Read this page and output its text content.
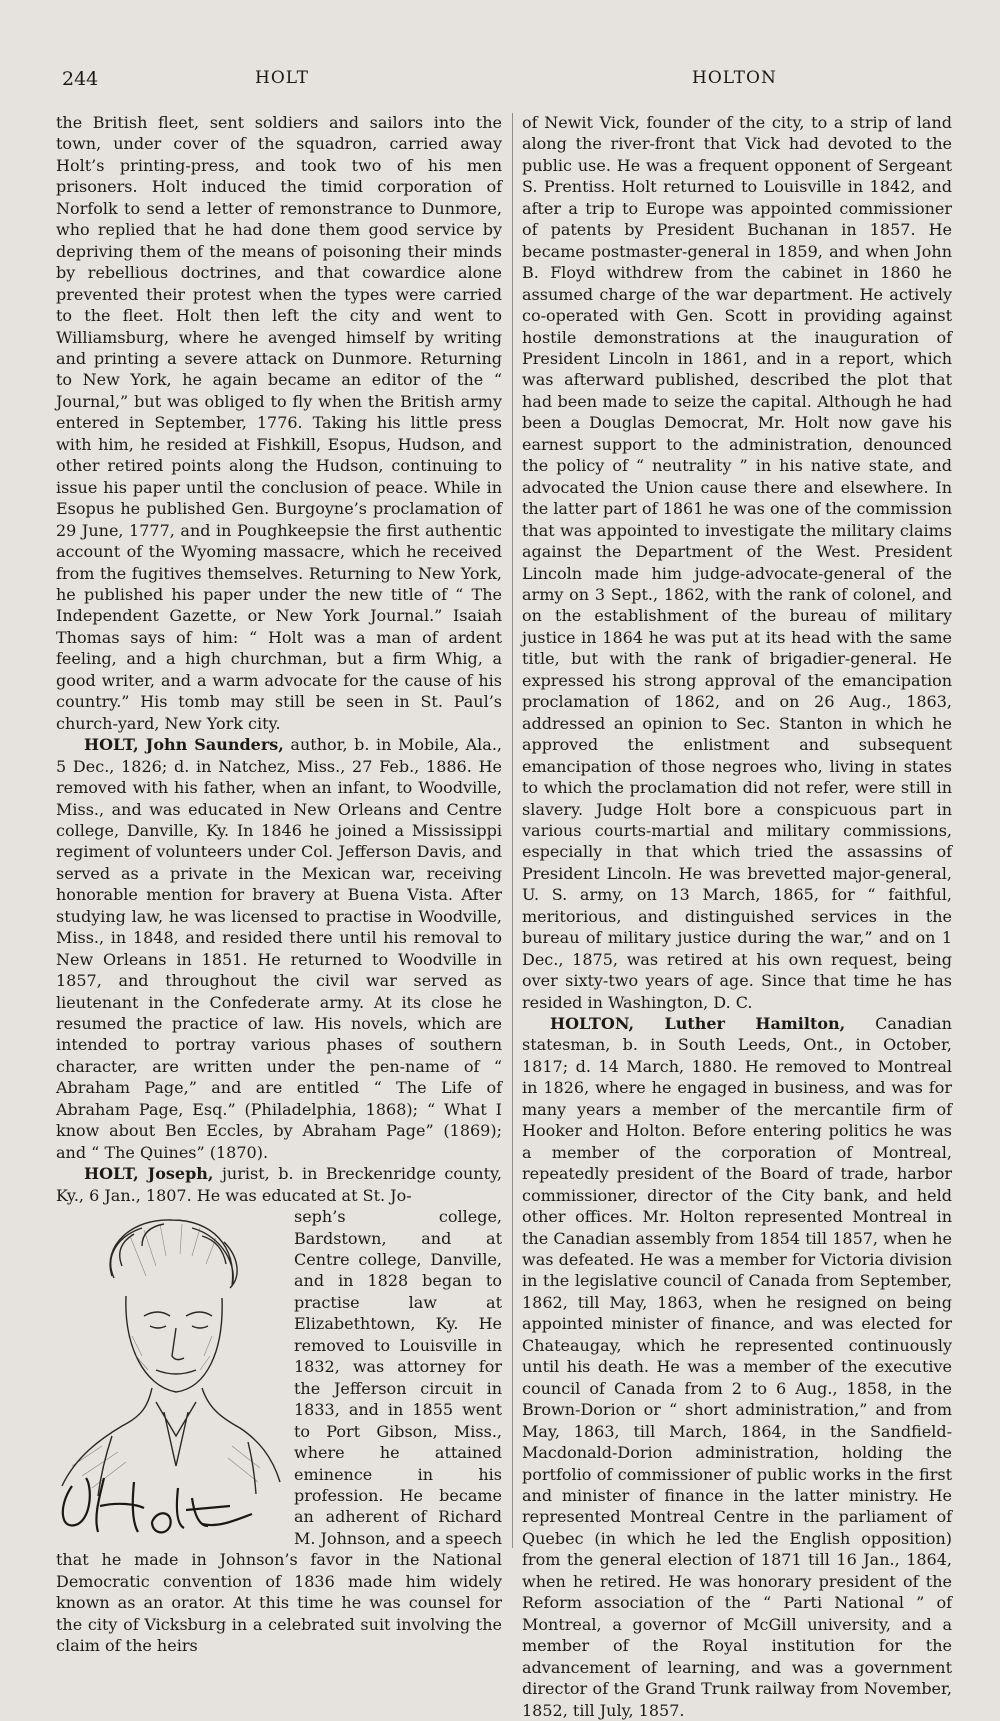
244	HOLT	HOLTON

the British fleet, sent soldiers and sailors into the town, under cover of the squadron, carried away Holt’s printing-press, and took two of his men prisoners. Holt induced the timid corporation of Norfolk to send a letter of remonstrance to Dunmore, who replied that he had done them good service by depriving them of the means of poisoning their minds by rebellious doctrines, and that cowardice alone prevented their protest when the types were carried to the fleet. Holt then left the city and went to Williamsburg, where he avenged himself by writing and printing a severe attack on Dunmore. Returning to New York, he again became an editor of the “ Journal,” but was obliged to fly when the British army entered in September, 1776. Taking his little press with him, he resided at Fishkill, Esopus, Hudson, and other retired points along the Hudson, continuing to issue his paper until the conclusion of peace. While in Esopus he published Gen. Burgoyne’s proclamation of 29 June, 1777, and in Poughkeepsie the first authentic account of the Wyoming massacre, which he received from the fugitives themselves. Returning to New York, he published his paper under the new title of “ The Independent Gazette, or New York Journal.” Isaiah Thomas says of him: “ Holt was a man of ardent feeling, and a high churchman, but a firm Whig, a good writer, and a warm advocate for the cause of his country.” His tomb may still be seen in St. Paul’s church-yard, New York city.

HOLT, John Saunders, author, b. in Mobile, Ala., 5 Dec., 1826; d. in Natchez, Miss., 27 Feb., 1886. He removed with his father, when an infant, to Woodville, Miss., and was educated in New Orleans and Centre college, Danville, Ky. In 1846 he joined a Mississippi regiment of volunteers under Col. Jefferson Davis, and served as a private in the Mexican war, receiving honorable mention for bravery at Buena Vista. After studying law, he was licensed to practise in Woodville, Miss., in 1848, and resided there until his removal to New Orleans in 1851. He returned to Woodville in 1857, and throughout the civil war served as lieutenant in the Confederate army. At its close he resumed the practice of law. His novels, which are intended to portray various phases of southern character, are written under the pen-name of “ Abraham Page,” and are entitled “ The Life of Abraham Page, Esq.” (Philadelphia, 1868); “ What I know about Ben Eccles, by Abraham Page” (1869); and “ The Quines” (1870).

HOLT, Joseph, jurist, b. in Breckenridge county, Ky., 6 Jan., 1807. He was educated at St. Jo-

seph’s college, Bardstown, and at Centre college, Danville, and in 1828 began to practise law at Elizabethtown, Ky. He removed to Louisville in 1832, was attorney for the Jefferson circuit in 1833, and in 1855 went to Port Gibson, Miss., where he attained eminence in his profession. He became an adherent of Richard M. Johnson, and a speech that he made in Johnson’s favor in the National Democratic convention of 1836 made him widely known as an orator. At this time he was counsel for the city of Vicksburg in a celebrated suit involving the claim of the heirs

of Newit Vick, founder of the city, to a strip of land along the river-front that Vick had devoted to the public use. He was a frequent opponent of Sergeant S. Prentiss. Holt returned to Louisville in 1842, and after a trip to Europe was appointed commissioner of patents by President Buchanan in 1857. He became postmaster-general in 1859, and when John B. Floyd withdrew from the cabinet in 1860 he assumed charge of the war department. He actively co-operated with Gen. Scott in providing against hostile demonstrations at the inauguration of President Lincoln in 1861, and in a report, which was afterward published, described the plot that had been made to seize the capital. Although he had been a Douglas Democrat, Mr. Holt now gave his earnest support to the administration, denounced the policy of “ neutrality ” in his native state, and advocated the Union cause there and elsewhere. In the latter part of 1861 he was one of the commission that was appointed to investigate the military claims against the Department of the West. President Lincoln made him judge-advocate-general of the army on 3 Sept., 1862, with the rank of colonel, and on the establishment of the bureau of military justice in 1864 he was put at its head with the same title, but with the rank of brigadier-general. He expressed his strong approval of the emancipation proclamation of 1862, and on 26 Aug., 1863, addressed an opinion to Sec. Stanton in which he approved the enlistment and subsequent emancipation of those negroes who, living in states to which the proclamation did not refer, were still in slavery. Judge Holt bore a conspicuous part in various courts-martial and military commissions, especially in that which tried the assassins of President Lincoln. He was brevetted major-general, U. S. army, on 13 March, 1865, for “ faithful, meritorious, and distinguished services in the bureau of military justice during the war,” and on 1 Dec., 1875, was retired at his own request, being over sixty-two years of age. Since that time he has resided in Washington, D. C.

HOLTON, Luther Hamilton, Canadian statesman, b. in South Leeds, Ont., in October, 1817; d. 14 March, 1880. He removed to Montreal in 1826, where he engaged in business, and was for many years a member of the mercantile firm of Hooker and Holton. Before entering politics he was a member of the corporation of Montreal, repeatedly president of the Board of trade, harbor commissioner, director of the City bank, and held other offices. Mr. Holton represented Montreal in the Canadian assembly from 1854 till 1857, when he was defeated. He was a member for Victoria division in the legislative council of Canada from September, 1862, till May, 1863, when he resigned on being appointed minister of finance, and was elected for Chateaugay, which he represented continuously until his death. He was a member of the executive council of Canada from 2 to 6 Aug., 1858, in the Brown-Dorion or “ short administration,” and from May, 1863, till March, 1864, in the Sandfield-Macdonald-Dorion administration, holding the portfolio of commissioner of public works in the first and minister of finance in the latter ministry. He represented Montreal Centre in the parliament of Quebec (in which he led the English opposition) from the general election of 1871 till 16 Jan., 1864, when he retired. He was honorary president of the Reform association of the “ Parti National ” of Montreal, a governor of McGill university, and a member of the Royal institution for the advancement of learning, and was a government director of the Grand Trunk railway from November, 1852, till July, 1857.
